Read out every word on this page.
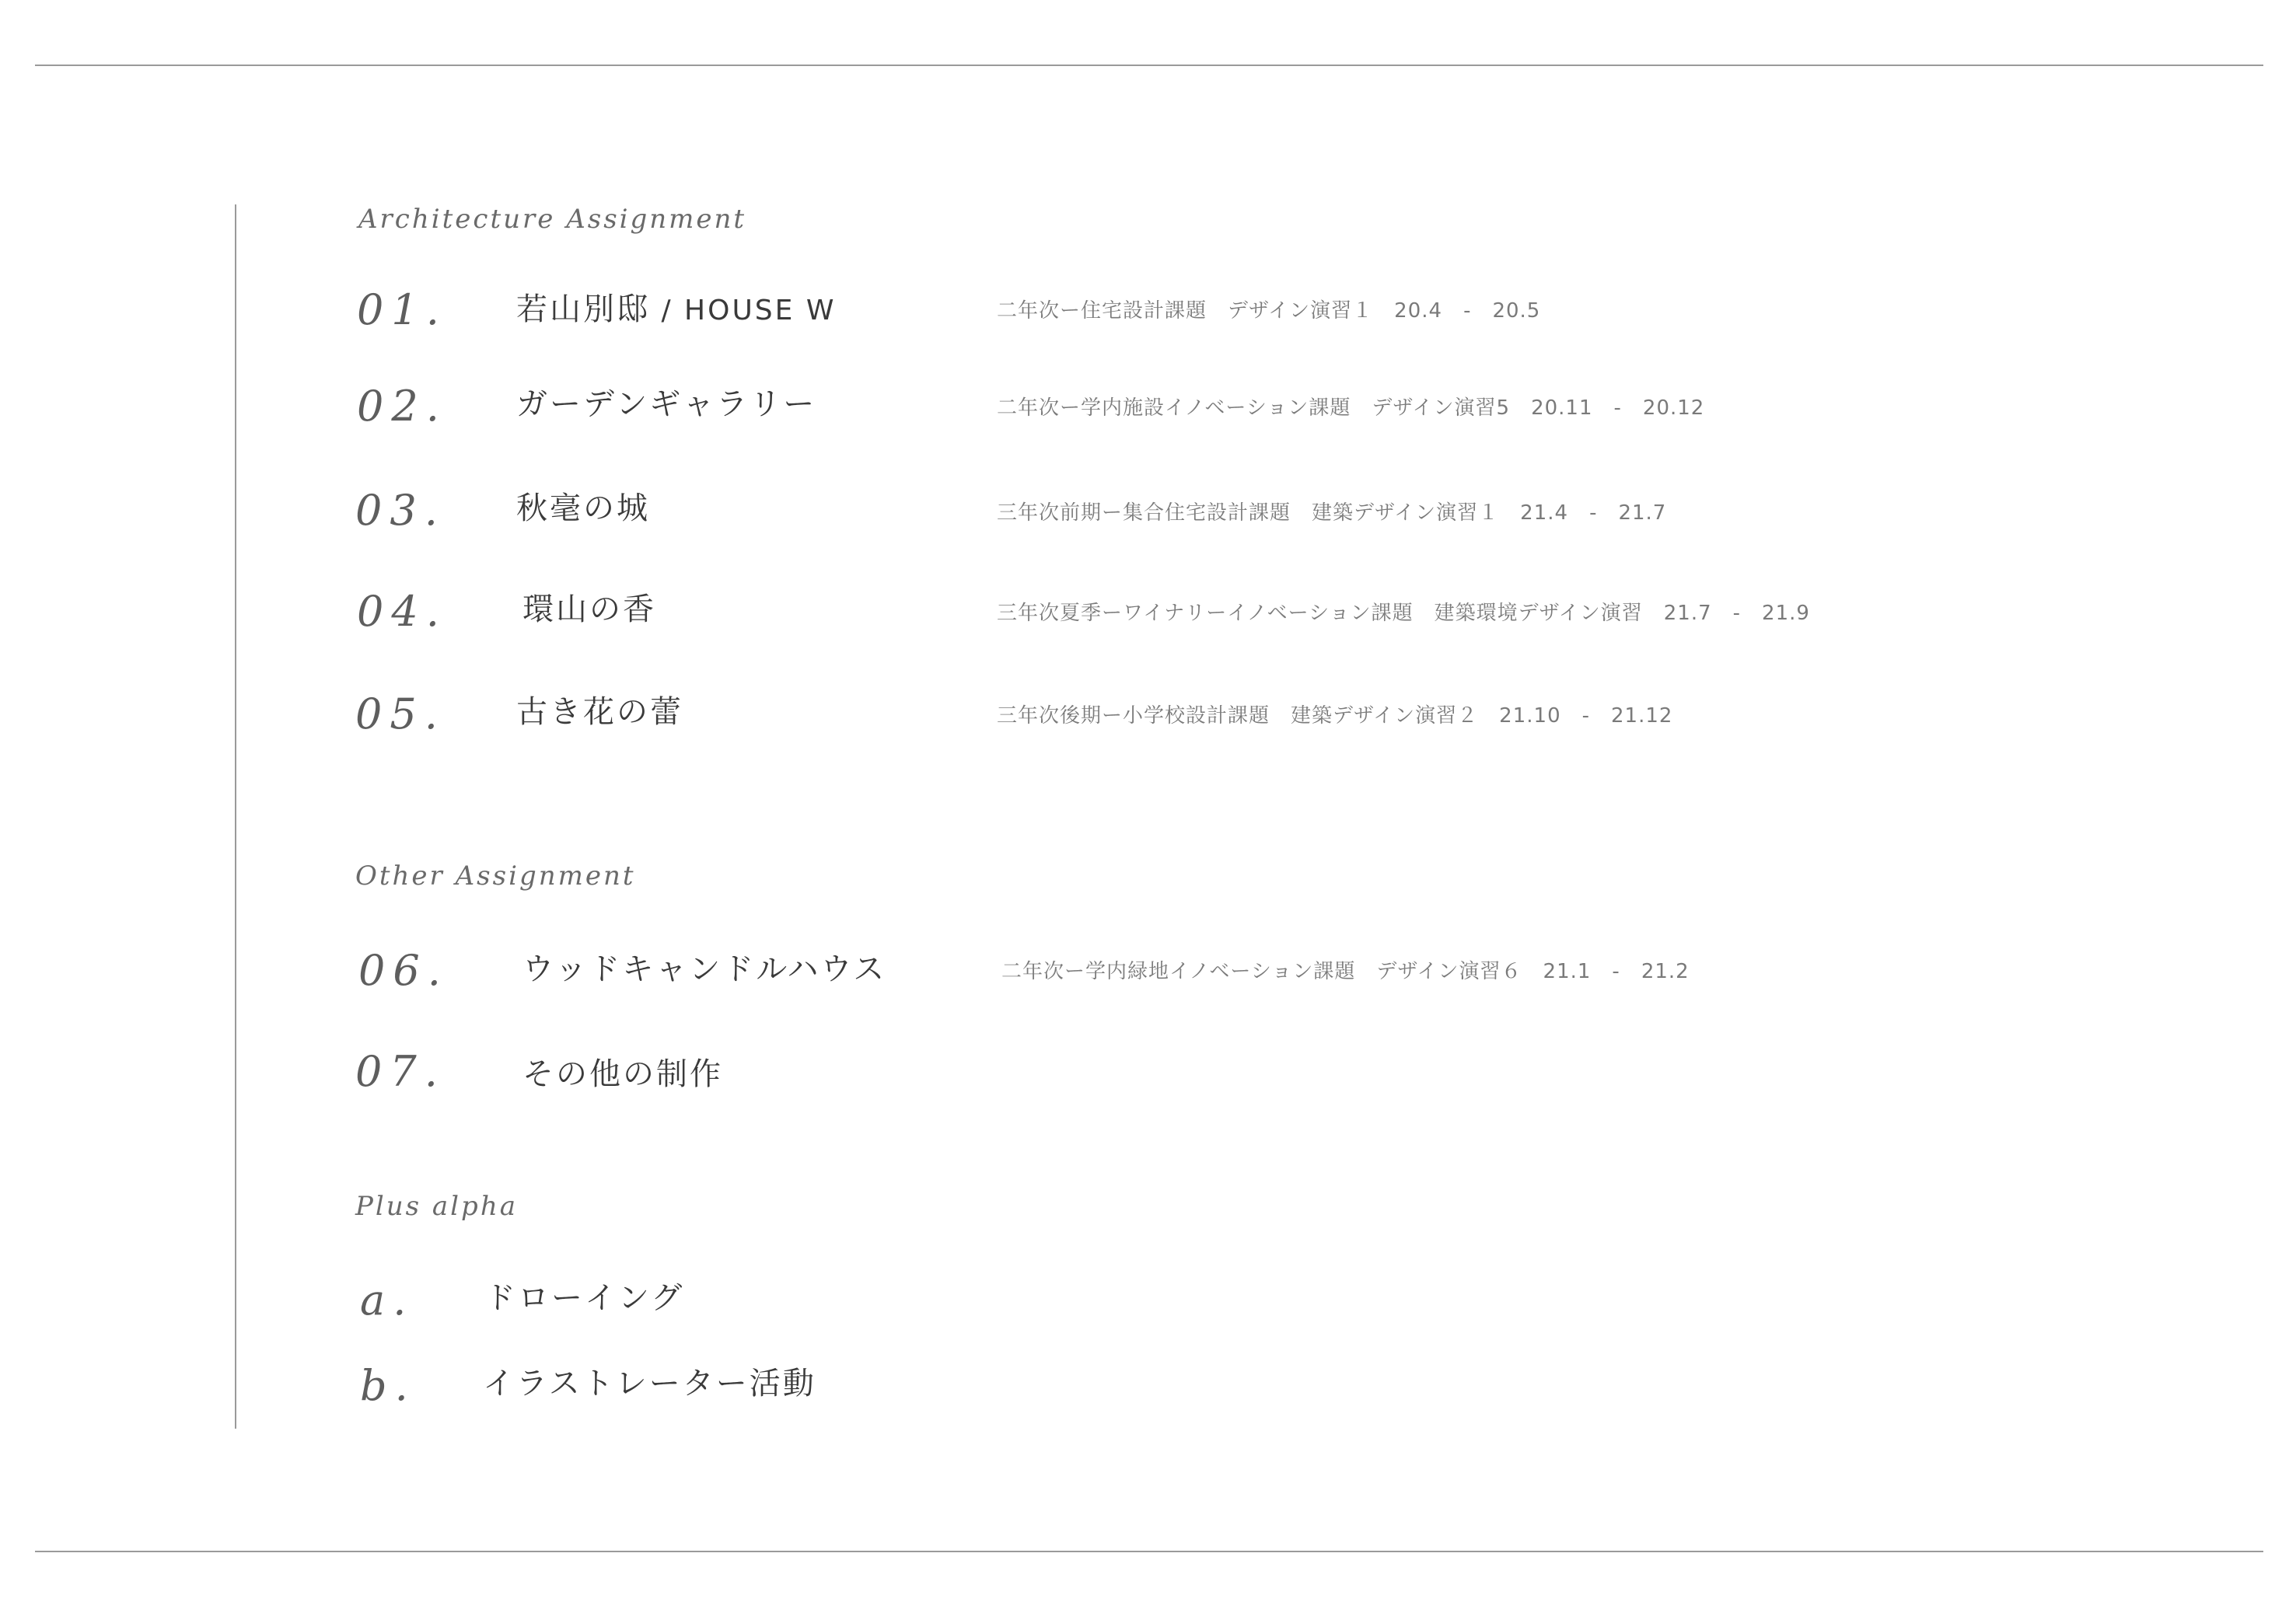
Architecture Assignment
01. 若山別邸 / HOUSE W	二年次ー住宅設計課題　デザイン演習１　20.4　-　20.5
02. ガーデンギャラリー	二年次ー学内施設イノベーション課題　デザイン演習5　20.11　-　20.12
03. 秋毫の城	三年次前期ー集合住宅設計課題　建築デザイン演習１　21.4　-　21.7
04. 環山の香	三年次夏季ーワイナリーイノベーション課題　建築環境デザイン演習　21.7　-　21.9
05. 古き花の蕾	三年次後期ー小学校設計課題　建築デザイン演習２　21.10　-　21.12
Other Assignment
06. ウッドキャンドルハウス	二年次ー学内緑地イノベーション課題　デザイン演習６　21.1　-　21.2
07. その他の制作
Plus alpha
a. ドローイング
b. イラストレーター活動
